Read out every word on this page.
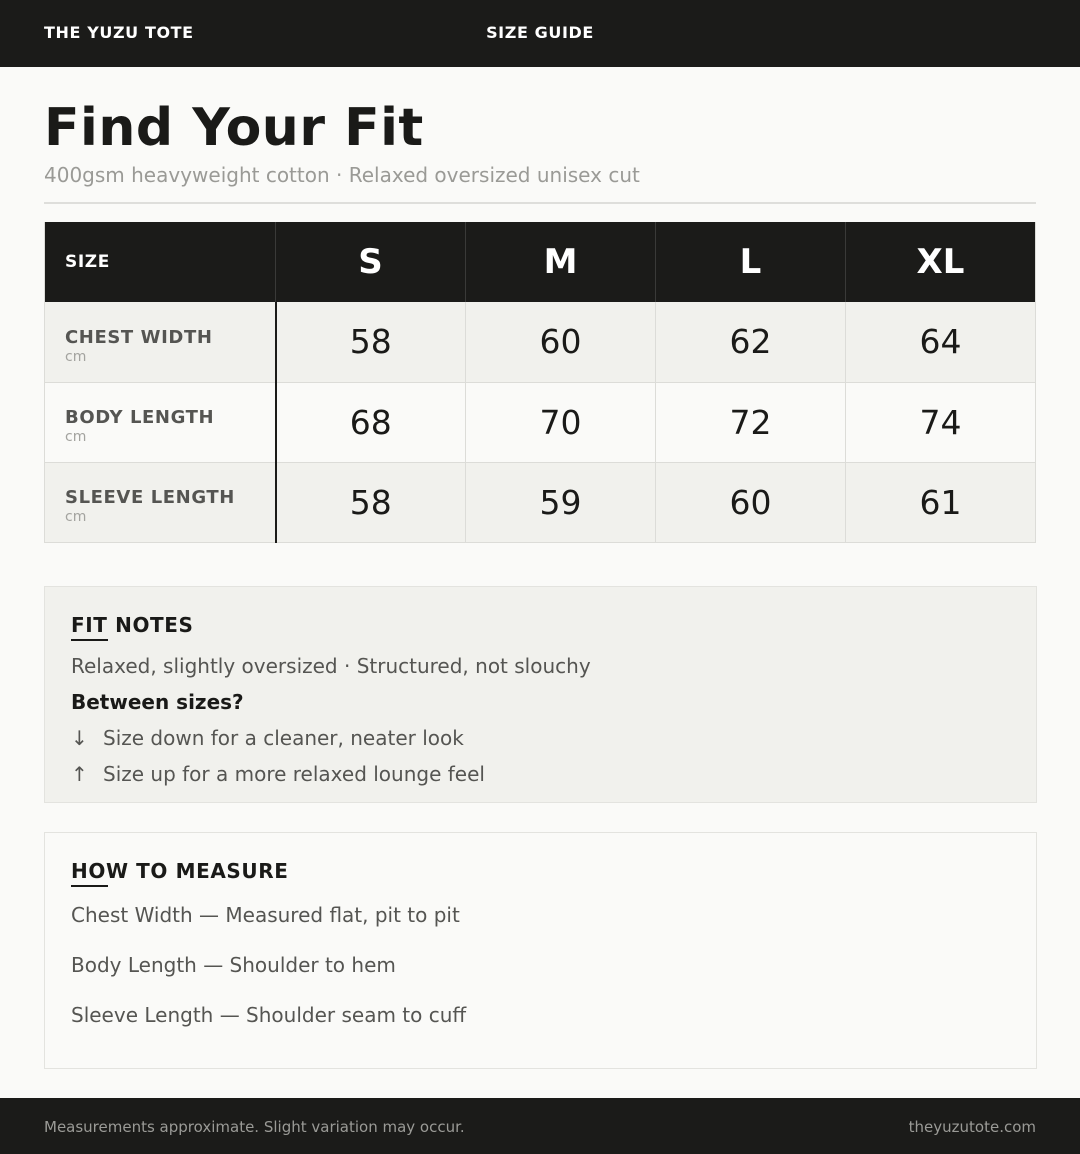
THE YUZU TOTE	SIZE GUIDE
Find Your Fit
400gsm heavyweight cotton · Relaxed oversized unisex cut
SIZE	S	M	L	XL

CHEST WIDTH
cm	58	60	62	64

BODY LENGTH
cm	68	70	72	74

SLEEVE LENGTH
cm	58	59	60	61
FIT NOTES
Relaxed, slightly oversized · Structured, not slouchy
Between sizes?
↓ Size down for a cleaner, neater look
↑ Size up for a more relaxed lounge feel
HOW TO MEASURE
Chest Width — Measured flat, pit to pit
Body Length — Shoulder to hem
Sleeve Length — Shoulder seam to cuff
Measurements approximate. Slight variation may occur.	theyuzutote.com
